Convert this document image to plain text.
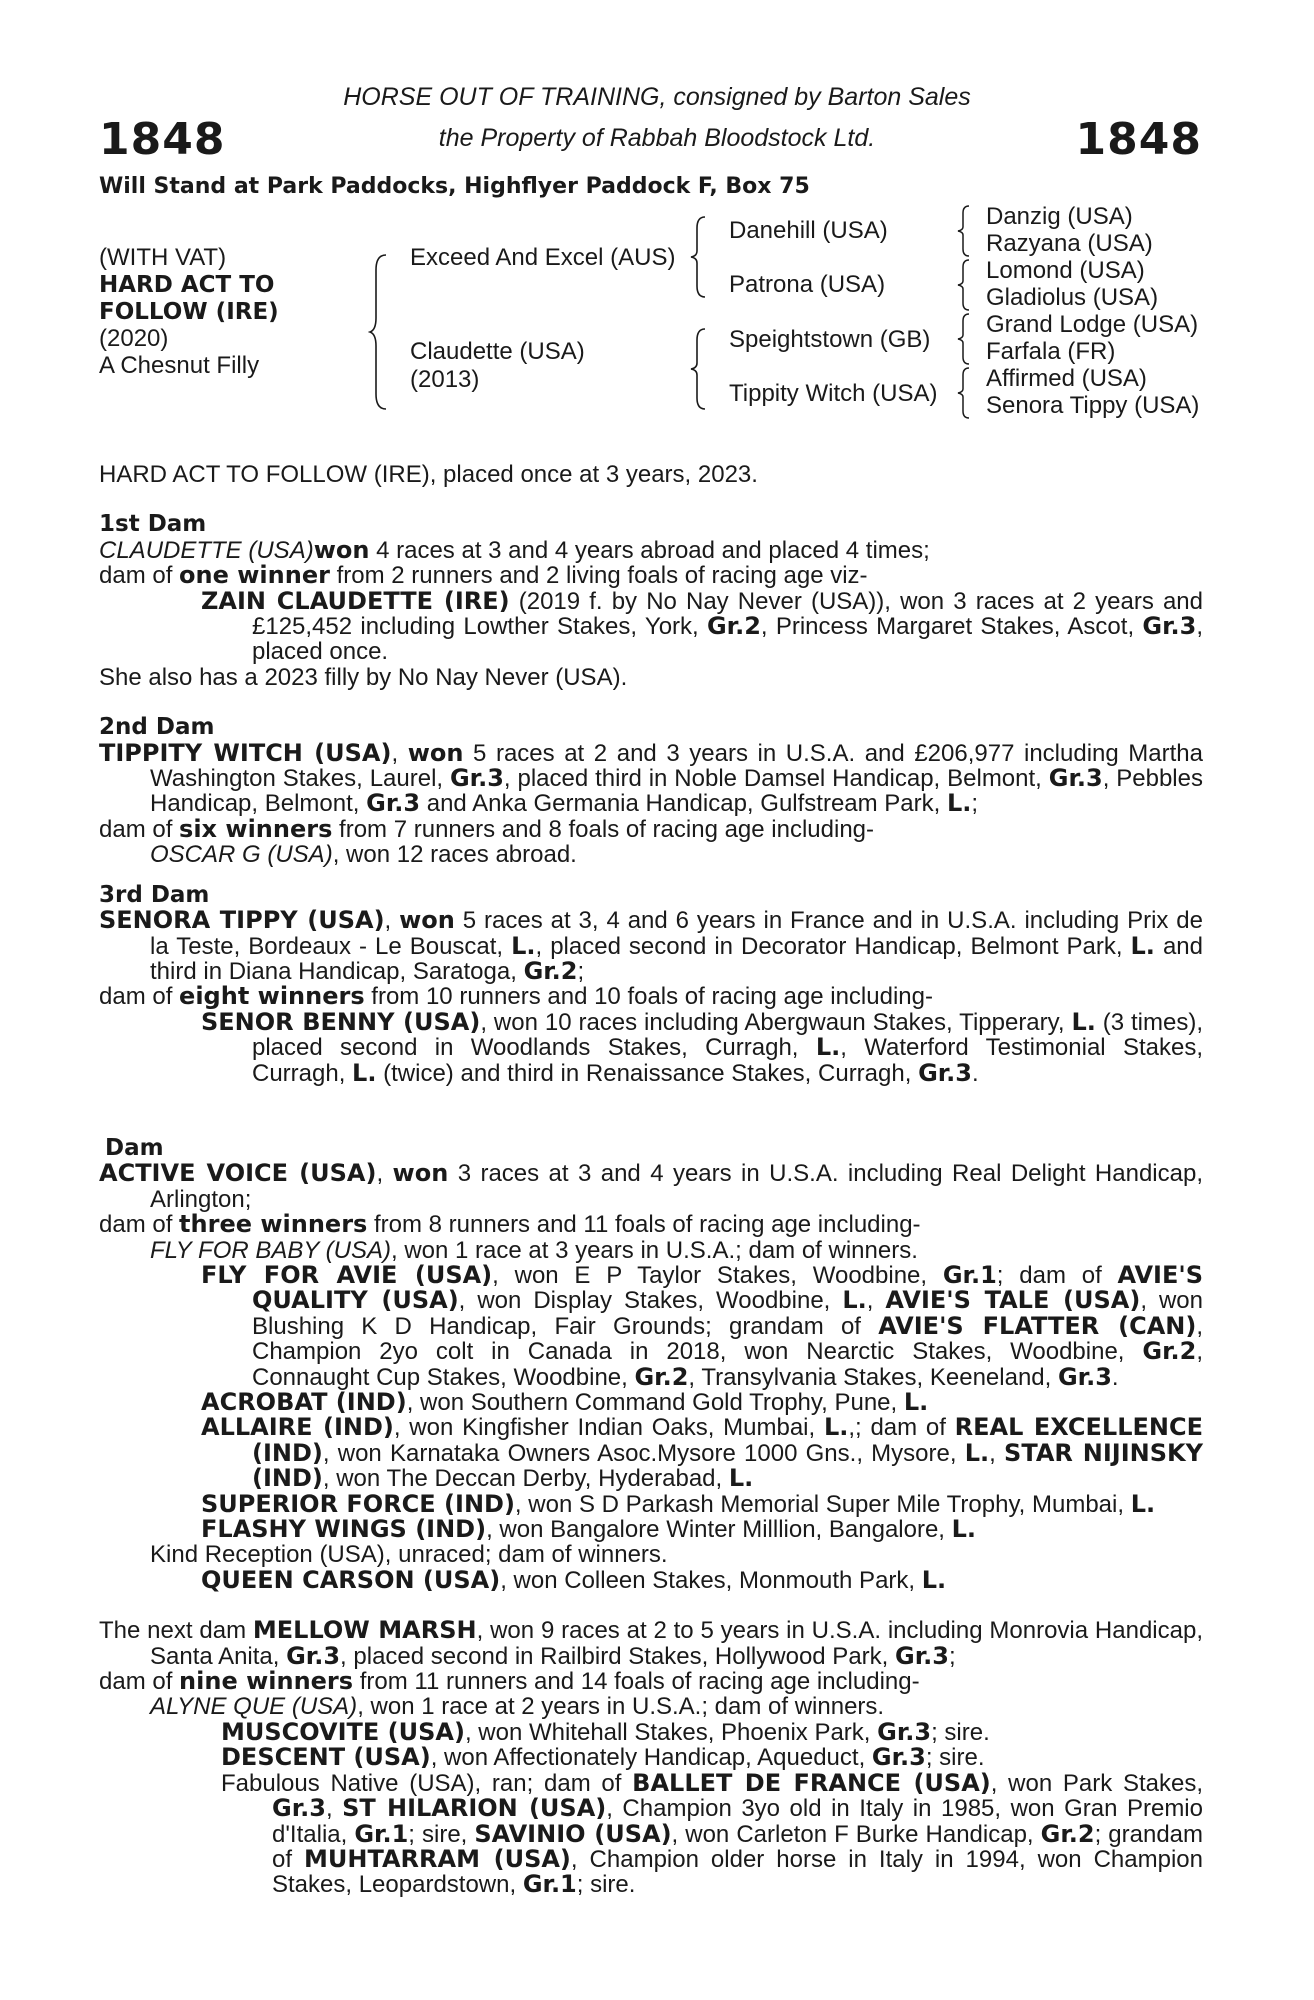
1848	1848
HORSE OUT OF TRAINING, consigned by Barton Sales
the Property of Rabbah Bloodstock Ltd.
Will Stand at Park Paddocks, Highflyer Paddock F, Box 75
(WITH VAT)
HARD ACT TO
FOLLOW (IRE)
(2020)
A Chesnut Filly
Exceed And Excel (AUS)
Claudette (USA)
(2013)
Danehill (USA)
Patrona (USA)
Speightstown (GB)
Tippity Witch (USA)
Danzig (USA)
Razyana (USA)
Lomond (USA)
Gladiolus (USA)
Grand Lodge (USA)
Farfala (FR)
Affirmed (USA)
Senora Tippy (USA)
HARD ACT TO FOLLOW (IRE), placed once at 3 years, 2023.
1st Dam
CLAUDETTE (USA)won 4 races at 3 and 4 years abroad and placed 4 times;
dam of one winner from 2 runners and 2 living foals of racing age viz-
ZAIN CLAUDETTE (IRE) (2019 f. by No Nay Never (USA)), won 3 races at 2 years and £125,452 including Lowther Stakes, York, Gr.2, Princess Margaret Stakes, Ascot, Gr.3, placed once.
She also has a 2023 filly by No Nay Never (USA).
2nd Dam
TIPPITY WITCH (USA), won 5 races at 2 and 3 years in U.S.A. and £206,977 including Martha Washington Stakes, Laurel, Gr.3, placed third in Noble Damsel Handicap, Belmont, Gr.3, Pebbles Handicap, Belmont, Gr.3 and Anka Germania Handicap, Gulfstream Park, L.;
dam of six winners from 7 runners and 8 foals of racing age including-
OSCAR G (USA), won 12 races abroad.
3rd Dam
SENORA TIPPY (USA), won 5 races at 3, 4 and 6 years in France and in U.S.A. including Prix de la Teste, Bordeaux - Le Bouscat, L., placed second in Decorator Handicap, Belmont Park, L. and third in Diana Handicap, Saratoga, Gr.2;
dam of eight winners from 10 runners and 10 foals of racing age including-
SENOR BENNY (USA), won 10 races including Abergwaun Stakes, Tipperary, L. (3 times), placed second in Woodlands Stakes, Curragh, L., Waterford Testimonial Stakes, Curragh, L. (twice) and third in Renaissance Stakes, Curragh, Gr.3.
Dam
ACTIVE VOICE (USA), won 3 races at 3 and 4 years in U.S.A. including Real Delight Handicap, Arlington;
dam of three winners from 8 runners and 11 foals of racing age including-
FLY FOR BABY (USA), won 1 race at 3 years in U.S.A.; dam of winners.
FLY FOR AVIE (USA), won E P Taylor Stakes, Woodbine, Gr.1; dam of AVIE'S QUALITY (USA), won Display Stakes, Woodbine, L., AVIE'S TALE (USA), won Blushing K D Handicap, Fair Grounds; grandam of AVIE'S FLATTER (CAN), Champion 2yo colt in Canada in 2018, won Nearctic Stakes, Woodbine, Gr.2, Connaught Cup Stakes, Woodbine, Gr.2, Transylvania Stakes, Keeneland, Gr.3.
ACROBAT (IND), won Southern Command Gold Trophy, Pune, L.
ALLAIRE (IND), won Kingfisher Indian Oaks, Mumbai, L.,; dam of REAL EXCELLENCE (IND), won Karnataka Owners Asoc.Mysore 1000 Gns., Mysore, L., STAR NIJINSKY (IND), won The Deccan Derby, Hyderabad, L.
SUPERIOR FORCE (IND), won S D Parkash Memorial Super Mile Trophy, Mumbai, L.
FLASHY WINGS (IND), won Bangalore Winter Milllion, Bangalore, L.
Kind Reception (USA), unraced; dam of winners.
QUEEN CARSON (USA), won Colleen Stakes, Monmouth Park, L.
The next dam MELLOW MARSH, won 9 races at 2 to 5 years in U.S.A. including Monrovia Handicap, Santa Anita, Gr.3, placed second in Railbird Stakes, Hollywood Park, Gr.3;
dam of nine winners from 11 runners and 14 foals of racing age including-
ALYNE QUE (USA), won 1 race at 2 years in U.S.A.; dam of winners.
MUSCOVITE (USA), won Whitehall Stakes, Phoenix Park, Gr.3; sire.
DESCENT (USA), won Affectionately Handicap, Aqueduct, Gr.3; sire.
Fabulous Native (USA), ran; dam of BALLET DE FRANCE (USA), won Park Stakes, Gr.3, ST HILARION (USA), Champion 3yo old in Italy in 1985, won Gran Premio d'Italia, Gr.1; sire, SAVINIO (USA), won Carleton F Burke Handicap, Gr.2; grandam of MUHTARRAM (USA), Champion older horse in Italy in 1994, won Champion Stakes, Leopardstown, Gr.1; sire.
